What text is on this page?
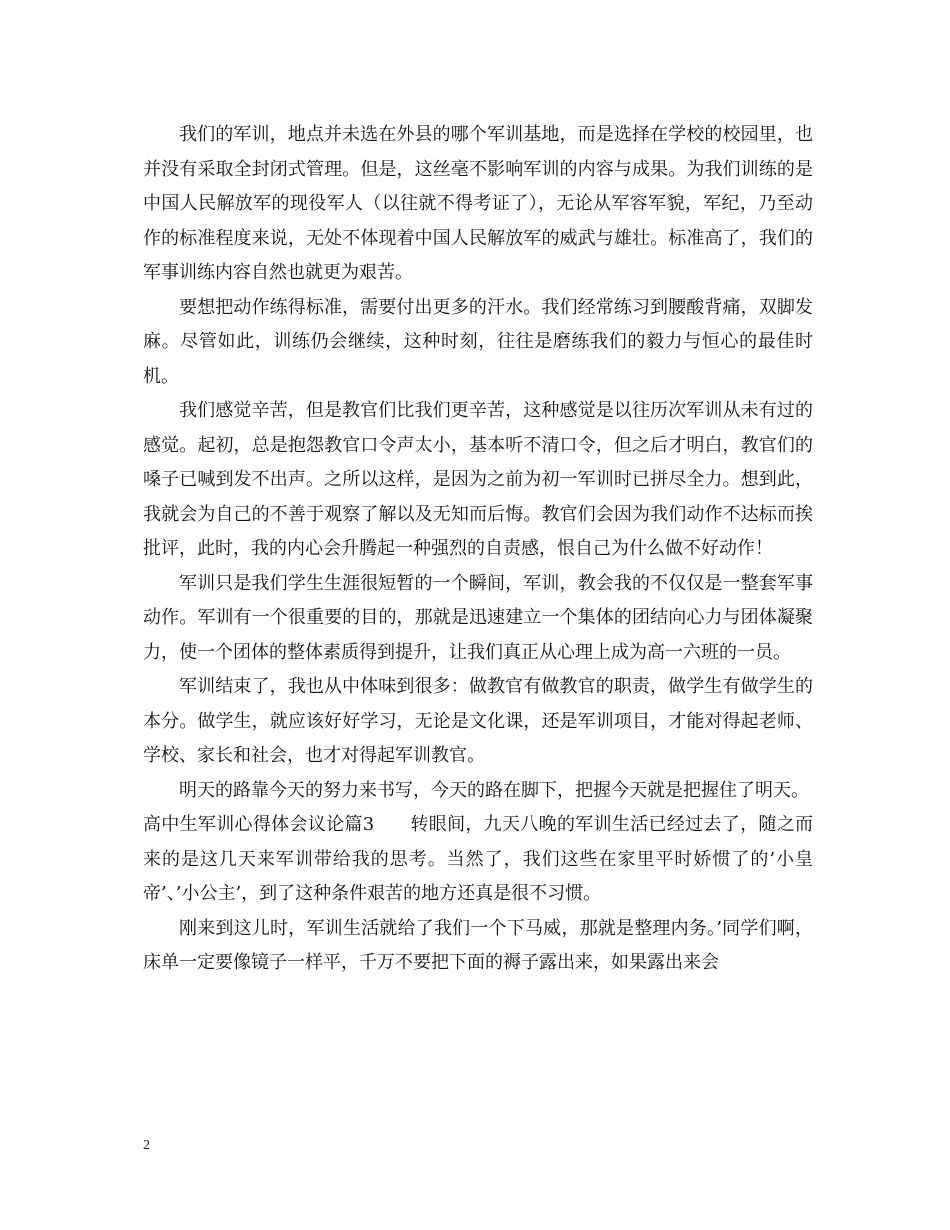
我们的军训，地点并未选在外县的哪个军训基地，而是选择在学校的校园里，也并没有采取全封闭式管理。但是，这丝毫不影响军训的内容与成果。为我们训练的是中国人民解放军的现役军人（以往就不得考证了），无论从军容军貌，军纪，乃至动作的标准程度来说，无处不体现着中国人民解放军的威武与雄壮。标准高了，我们的军事训练内容自然也就更为艰苦。

要想把动作练得标准，需要付出更多的汗水。我们经常练习到腰酸背痛，双脚发麻。尽管如此，训练仍会继续，这种时刻，往往是磨练我们的毅力与恒心的最佳时机。

我们感觉辛苦，但是教官们比我们更辛苦，这种感觉是以往历次军训从未有过的感觉。起初，总是抱怨教官口令声太小，基本听不清口令，但之后才明白，教官们的嗓子已喊到发不出声。之所以这样，是因为之前为初一军训时已拼尽全力。想到此，我就会为自己的不善于观察了解以及无知而后悔。教官们会因为我们动作不达标而挨批评，此时，我的内心会升腾起一种强烈的自责感，恨自己为什么做不好动作！

军训只是我们学生生涯很短暂的一个瞬间，军训，教会我的不仅仅是一整套军事动作。军训有一个很重要的目的，那就是迅速建立一个集体的团结向心力与团体凝聚力，使一个团体的整体素质得到提升，让我们真正从心理上成为高一六班的一员。

军训结束了，我也从中体味到很多：做教官有做教官的职责，做学生有做学生的本分。做学生，就应该好好学习，无论是文化课，还是军训项目，才能对得起老师、学校、家长和社会，也才对得起军训教官。

明天的路靠今天的努力来书写，今天的路在脚下，把握今天就是把握住了明天。

高中生军训心得体会议论篇3 转眼间，九天八晚的军训生活已经过去了，随之而来的是这几天来军训带给我的思考。当然了，我们这些在家里平时娇惯了的’小皇帝’、’小公主’，到了这种条件艰苦的地方还真是很不习惯。

刚来到这儿时，军训生活就给了我们一个下马威，那就是整理内务。’同学们啊，床单一定要像镜子一样平，千万不要把下面的褥子露出来，如果露出来会

2
